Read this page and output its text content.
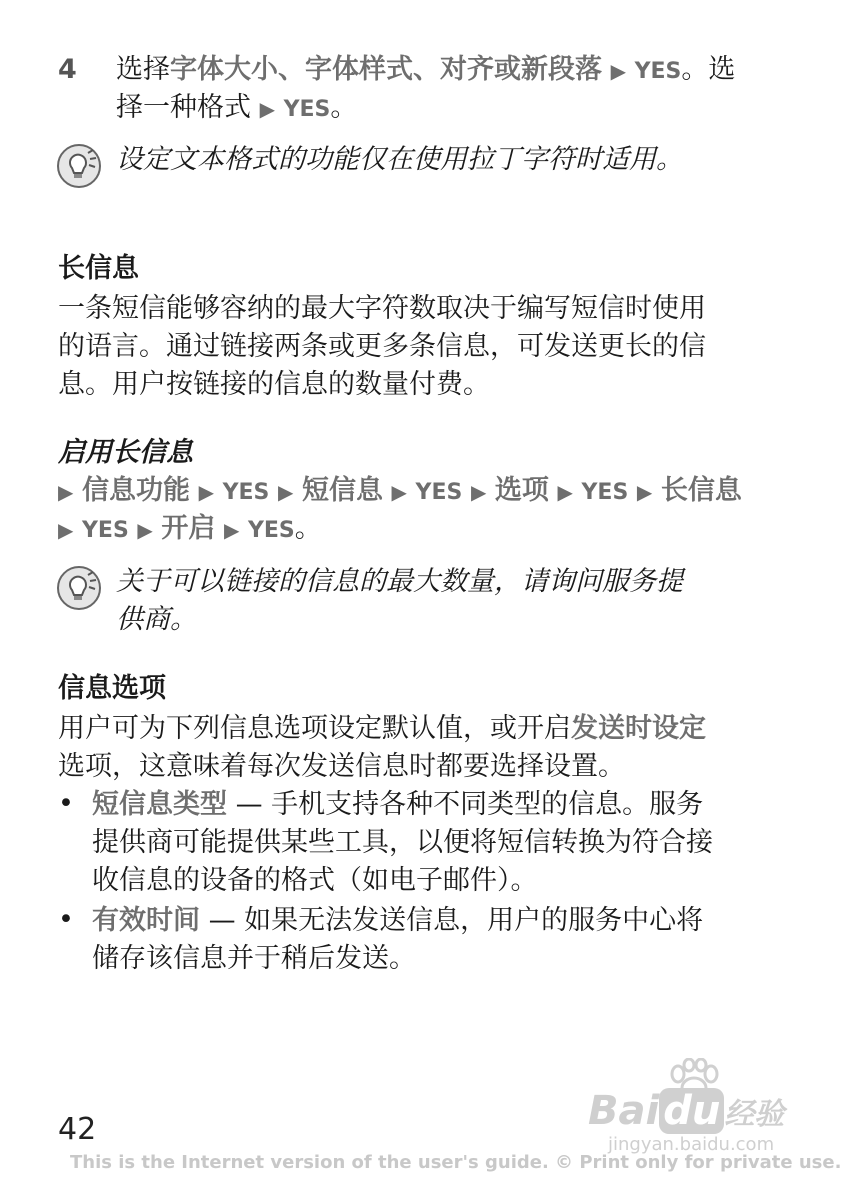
4 选择字体大小、字体样式、对齐或新段落 ▶ YES。选
择一种格式 ▶ YES。
设定文本格式的功能仅在使用拉丁字符时适用。
长信息
一条短信能够容纳的最大字符数取决于编写短信时使用
的语言。通过链接两条或更多条信息，可发送更长的信
息。用户按链接的信息的数量付费。
启用长信息
▶ 信息功能 ▶ YES ▶ 短信息 ▶ YES ▶ 选项 ▶ YES ▶ 长信息
▶ YES ▶ 开启 ▶ YES。
关于可以链接的信息的最大数量，请询问服务提
供商。
信息选项
用户可为下列信息选项设定默认值，或开启发送时设定
选项，这意味着每次发送信息时都要选择设置。
• 短信息类型 — 手机支持各种不同类型的信息。服务
提供商可能提供某些工具，以便将短信转换为符合接
收信息的设备的格式（如电子邮件）。
• 有效时间 — 如果无法发送信息，用户的服务中心将
储存该信息并于稍后发送。
Bai du 经验
jingyan.baidu.com
42
This is the Internet version of the user's guide. © Print only for private use.
